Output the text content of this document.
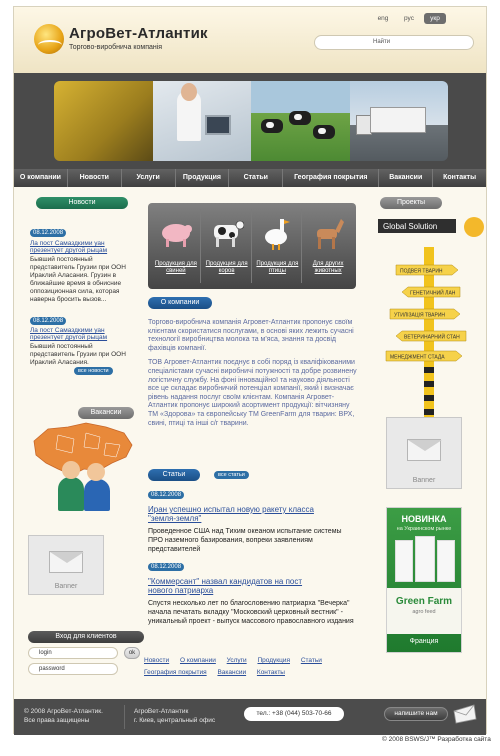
АгроВет-Атлантик
Торгово-виробнича компанія
eng	рус	укр
Найти
О компании	Новости	Услуги	Продукция	Статьи	География покрытия	Вакансии	Контакты
Новости
08.12.2008
Ла пост Самаздкими уан презентует другой рыцам
Бывший постоянный представитель Грузии при ООН Ираклий Аласания. Грузин в ближайшие время в обнисние оппозиционная сила, которая наверна бросить вызов...
08.12.2008
Ла пост Самаздкими уан презентует другой рыцам
Бывший постоянный представитель Грузии при ООН Ираклий Аласания.
все новости
Вакансии
Banner
Вход для клиентов
login	ok
password
Продукция для свиней
Продукция для коров
Продукция для птицы
Для других животных
О компании

Торгово-виробнича компанія Агровет-Атлантик пропонує своїм клієнтам скористатися послугами, в основі яких лежить сучасні технології виробництва молока та м'яса, знання та досвід фахівців компанії.

ТОВ Агровет-Атлантик поєднує в собі поряд із кваліфікованими спеціалістами сучасні виробничі потужності та добре розвинену логістичну службу. На фоні інноваційної та науково діяльності все це складає виробничий потенціал компанії, який і визначає рівень надання послуг своїм клієнтам. Компанія Агровет-Атлантик пропонує широкий асортимент продукції: вітчизняну ТМ «Здорова» та європейську ТМ GreenFarm для тварин: ВРХ, свині, птиці та інші с/г тварини.

Статьи	все статьи
08.12.2008
Иран успешно испытал новую ракету класса "земля-земля"
Проведенное США над Тихим океаном испытание системы ПРО наземного базирования, вопреки заявлениям представителей
08.12.2008
"Коммерсант" назвал кандидатов на пост нового патриарха
Спустя несколько лет по благословению патриарха "Вечерка" начала печатать вкладку "Московский церковный вестник" - уникальный проект - выпуск массового православного издания
Новости О компании Услуги Продукция Статьи
География покрытия Вакансии Контакты
Проекты
Global Solution
ПОДВЕЯ ТВАРИН
ГЕНЕТИЧНИЙ ЛАН
УТИЛІЗАЦІЯ ТВАРИН
ВЕТЕРИНАРНИЙ СТАН
МЕНЕДЖМЕНТ СТАДА
Banner
НОВИНКА
на Украинском рынке
Green Farm
agro feed
Франция
© 2008 АгроВет-Атлантик.
Все права защищены
АгроВет-Атлантик
г. Киев, центральный офис
тел.: +38 (044) 503-70-66	напишите нам
© 2008 BSWS/J™ Разработка сайта
